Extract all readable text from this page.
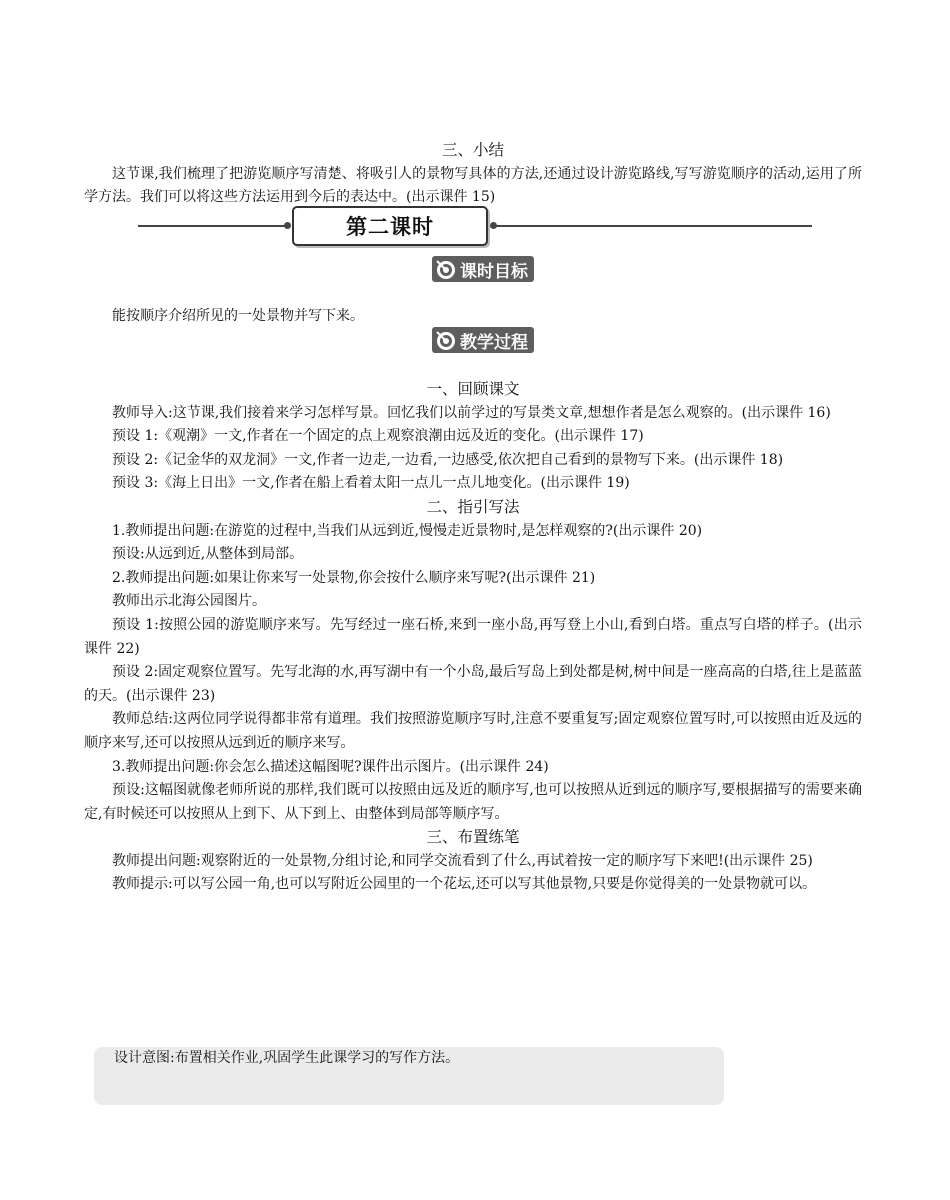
三、小结

这节课,我们梳理了把游览顺序写清楚、将吸引人的景物写具体的方法,还通过设计游览路线,写写游览顺序的活动,运用了所学方法。我们可以将这些方法运用到今后的表达中。(出示课件 15)

第二课时
课时目标

能按顺序介绍所见的一处景物并写下来。

教学过程

一、回顾课文

教师导入:这节课,我们接着来学习怎样写景。回忆我们以前学过的写景类文章,想想作者是怎么观察的。(出示课件 16)

预设 1:《观潮》一文,作者在一个固定的点上观察浪潮由远及近的变化。(出示课件 17)

预设 2:《记金华的双龙洞》一文,作者一边走,一边看,一边感受,依次把自己看到的景物写下来。(出示课件 18)

预设 3:《海上日出》一文,作者在船上看着太阳一点儿一点儿地变化。(出示课件 19)

二、指引写法

1.教师提出问题:在游览的过程中,当我们从远到近,慢慢走近景物时,是怎样观察的?(出示课件 20)

预设:从远到近,从整体到局部。

2.教师提出问题:如果让你来写一处景物,你会按什么顺序来写呢?(出示课件 21)

教师出示北海公园图片。

预设 1:按照公园的游览顺序来写。先写经过一座石桥,来到一座小岛,再写登上小山,看到白塔。重点写白塔的样子。(出示课件 22)

预设 2:固定观察位置写。先写北海的水,再写湖中有一个小岛,最后写岛上到处都是树,树中间是一座高高的白塔,往上是蓝蓝的天。(出示课件 23)

教师总结:这两位同学说得都非常有道理。我们按照游览顺序写时,注意不要重复写;固定观察位置写时,可以按照由近及远的顺序来写,还可以按照从远到近的顺序来写。

3.教师提出问题:你会怎么描述这幅图呢?课件出示图片。(出示课件 24)

预设:这幅图就像老师所说的那样,我们既可以按照由远及近的顺序写,也可以按照从近到远的顺序写,要根据描写的需要来确定,有时候还可以按照从上到下、从下到上、由整体到局部等顺序写。

三、布置练笔

教师提出问题:观察附近的一处景物,分组讨论,和同学交流看到了什么,再试着按一定的顺序写下来吧!(出示课件 25)

教师提示:可以写公园一角,也可以写附近公园里的一个花坛,还可以写其他景物,只要是你觉得美的一处景物就可以。

设计意图:布置相关作业,巩固学生此课学习的写作方法。
